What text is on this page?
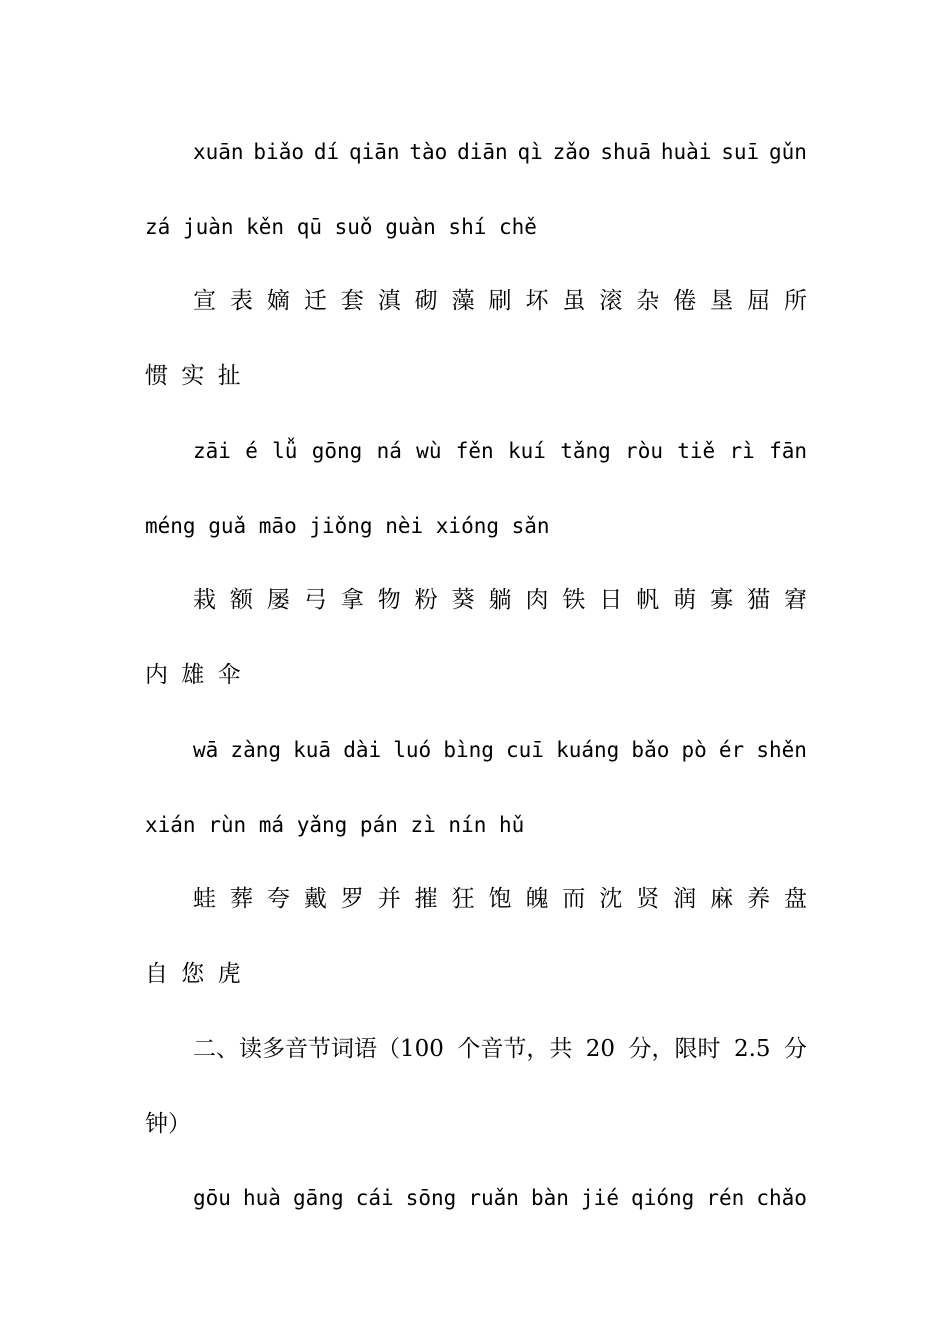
xuān biǎo dí qiān tào diān qì zǎo shuā huài suī gǔn
zá juàn kěn qū suǒ guàn shí chě
宣 表 嫡 迁 套 滇 砌 藻 刷 坏 虽 滚 杂 倦 垦 屈 所
惯 实 扯
zāi é lǚ gōng ná wù fěn kuí tǎng ròu tiě rì fān
méng guǎ māo jiǒng nèi xióng sǎn
栽 额 屡 弓 拿 物 粉 葵 躺 肉 铁 日 帆 萌 寡 猫 窘
内 雄 伞
wā zàng kuā dài luó bìng cuī kuáng bǎo pò ér shěn
xián rùn má yǎng pán zì nín hǔ
蛙 葬 夸 戴 罗 并 摧 狂 饱 魄 而 沈 贤 润 麻 养 盘
自 您 虎
二、读多音节词语（100 个音节，共 20 分，限时 2.5 分
钟）
gōu huà gāng cái sōng ruǎn bàn jié qióng rén chǎo
